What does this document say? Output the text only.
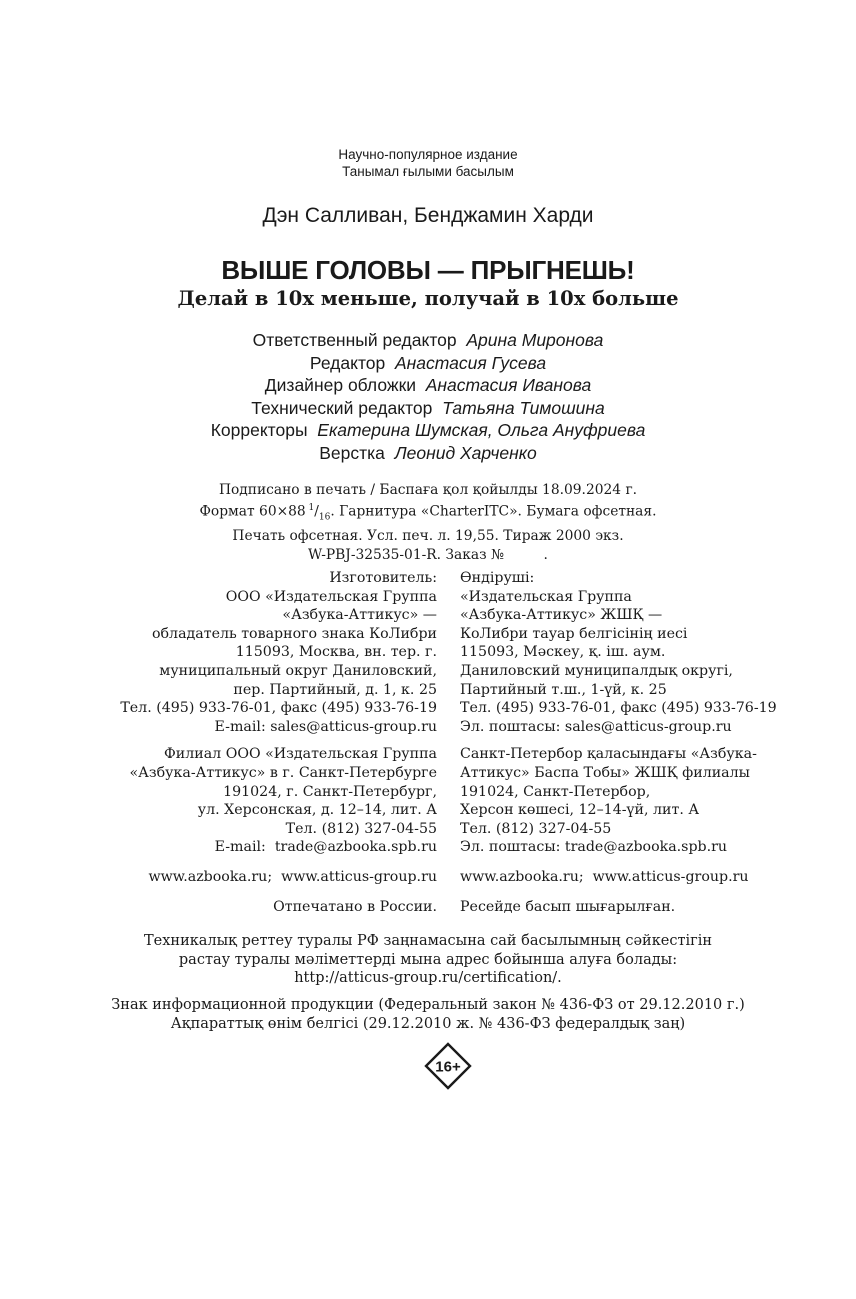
Научно-популярное издание
Танымал ғылыми басылым
Дэн Салливан, Бенджамин Харди
ВЫШЕ ГОЛОВЫ — ПРЫГНЕШЬ!
Делай в 10х меньше, получай в 10х больше
Ответственный редактор Арина Миронова
Редактор Анастасия Гусева
Дизайнер обложки Анастасия Иванова
Технический редактор Татьяна Тимошина
Корректоры Екатерина Шумская, Ольга Ануфриева
Верстка Леонид Харченко
Подписано в печать / Баспаға қол қойылды 18.09.2024 г.
Формат 60×88  $^1/_{16}$. Гарнитура «CharterITC». Бумага офсетная.
Печать офсетная. Усл. печ. л. 19,55. Тираж 2000 экз.
W-PBJ-32535-01-R. Заказ №         .
Изготовитель:
ООО «Издательская Группа
«Азбука-Аттикус» —
обладатель товарного знака КоЛибри
115093, Москва, вн. тер. г.
муниципальный округ Даниловский,
пер. Партийный, д. 1, к. 25
Тел. (495) 933-76-01, факс (495) 933-76-19
E-mail: sales@atticus-group.ru
Филиал ООО «Издательская Группа
«Азбука-Аттикус» в г. Санкт-Петербурге
191024, г. Санкт-Петербург,
ул. Херсонская, д. 12–14, лит. А
Тел. (812) 327-04-55
E-mail:  trade@azbooka.spb.ru
www.azbooka.ru;  www.atticus-group.ru
Отпечатано в России.
Өндіруші:
«Издательская Группа
«Азбука-Аттикус» ЖШҚ —
КоЛибри тауар белгісінің иесі
115093, Мәскеу, қ. іш. аум.
Даниловский муниципалдық округі,
Партийный т.ш., 1-үй, к. 25
Тел. (495) 933-76-01, факс (495) 933-76-19
Эл. поштасы: sales@atticus-group.ru
Санкт-Петербор қаласындағы «Азбука-
Аттикус» Баспа Тобы» ЖШҚ филиалы
191024, Санкт-Петербор,
Херсон көшесі, 12–14-үй, лит. А
Тел. (812) 327-04-55
Эл. поштасы: trade@azbooka.spb.ru
www.azbooka.ru;  www.atticus-group.ru
Ресейде басып шығарылған.
Техникалық реттеу туралы РФ заңнамасына сай басылымның сәйкестігін
растау туралы мәліметтерді мына адрес бойынша алуға болады:
http://atticus-group.ru/certification/.
Знак информационной продукции (Федеральный закон № 436-ФЗ от 29.12.2010 г.)
Ақпараттық өнім белгісі (29.12.2010 ж. № 436-ФЗ федералдық заң)
16+
